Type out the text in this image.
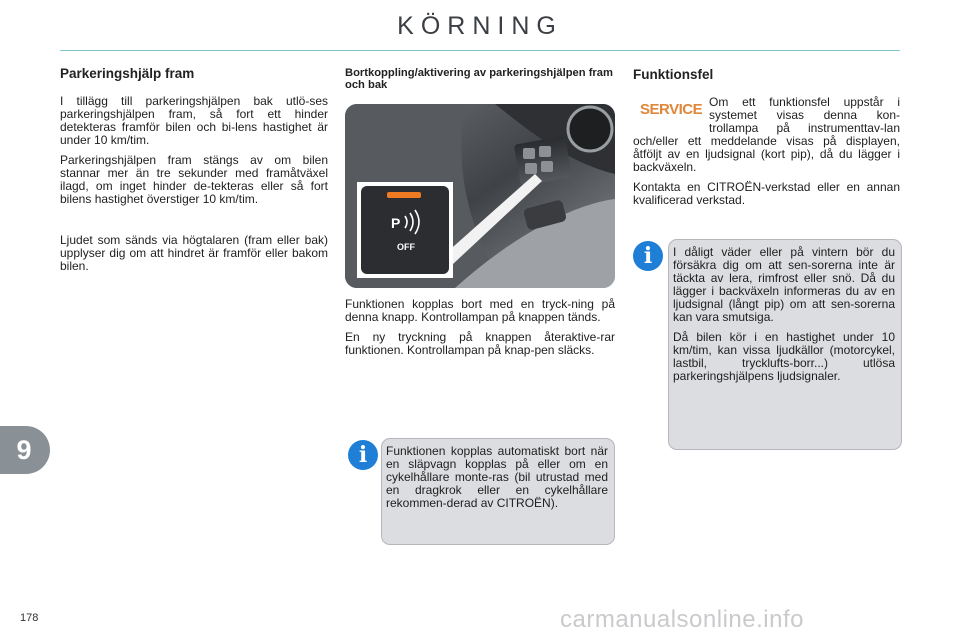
KÖRNING
9
Parkeringshjälp fram

I tillägg till parkeringshjälpen bak utlö-ses parkeringshjälpen fram, så fort ett hinder detekteras framför bilen och bi-lens hastighet är under 10 km/tim.

Parkeringshjälpen fram stängs av om bilen stannar mer än tre sekunder med framåtväxel ilagd, om inget hinder de-tekteras eller så fort bilens hastighet överstiger 10 km/tim.

Ljudet som sänds via högtalaren (fram eller bak) upplyser dig om att hindret är framför eller bakom bilen.

Bortkoppling/aktivering av parkeringshjälpen fram och bak
P
OFF

Funktionen kopplas bort med en tryck-ning på denna knapp. Kontrollampan på knappen tänds.

En ny tryckning på knappen återaktive-rar funktionen. Kontrollampan på knap-pen släcks.

i	Funktionen kopplas automatiskt bort när en släpvagn kopplas på eller om en cykelhållare monte-ras (bil utrustad med en dragkrok eller en cykelhållare rekommen-derad av CITROËN).

Funktionsfel
SERVICE Om ett funktionsfel uppstår i systemet visas denna kon-trollampa på instrumenttav-lan och/eller ett meddelande visas på displayen, åtföljt av en ljudsignal (kort pip), då du lägger i backväxeln.

Kontakta en CITROËN-verkstad eller en annan kvalificerad verkstad.

i	I dåligt väder eller på vintern bör du försäkra dig om att sen-sorerna inte är täckta av lera, rimfrost eller snö. Då du lägger i backväxeln informeras du av en ljudsignal (långt pip) om att sen-sorerna kan vara smutsiga.

Då bilen kör i en hastighet under 10 km/tim, kan vissa ljudkällor (motorcykel, lastbil, trycklufts-borr...) utlösa parkeringshjälpens ljudsignaler.

178	carmanualsonline.info
